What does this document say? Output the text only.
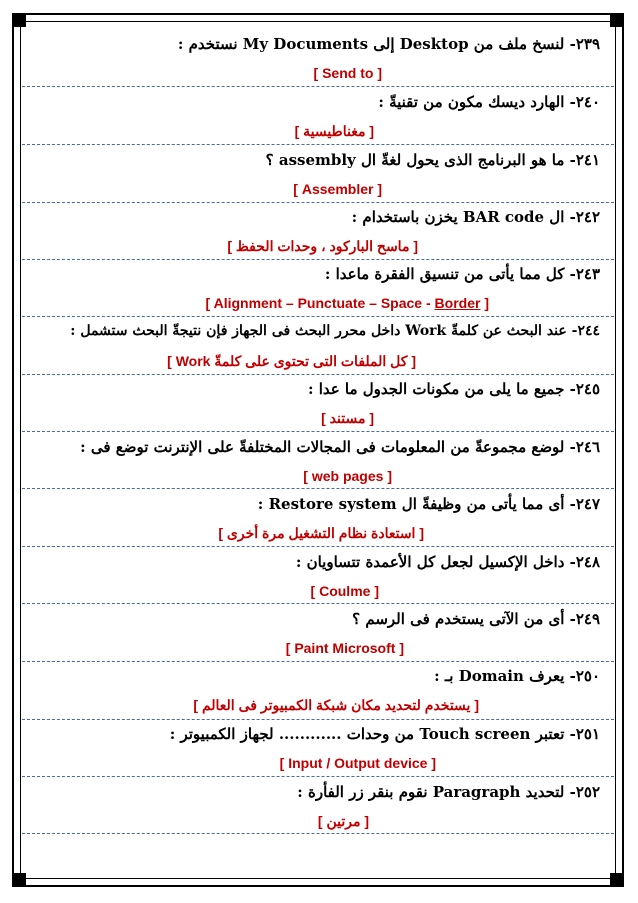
٢٣٩- لنسخ ملف من Desktop إلى My Documents نستخدم :
[ Send to ]
٢٤٠- الهارد ديسك مكون من تقنيةّ :
[ مغناطيسية ]
٢٤١- ما هو البرنامج الذى يحول لغةّ ال assembly ؟
[ Assembler ]
٢٤٢- ال BAR code يخزن باستخدام :
[ ماسح الباركود ، وحدات الحفظ ]
٢٤٣- كل مما يأتى من تنسيق الفقرة ماعدا :
[ Alignment – Punctuate – Space - Border ]
٢٤٤- عند البحث عن كلمةّ Work داخل محرر البحث فى الجهاز فإن نتيجةّ البحث ستشمل :
[ كل الملفات التى تحتوى على كلمةّ Work ]
٢٤٥- جميع ما يلى من مكونات الجدول ما عدا :
[ مستند ]
٢٤٦- لوضع مجموعةّ من المعلومات فى المجالات المختلفةّ على الإنترنت توضع فى :
[ web pages ]
٢٤٧- أى مما يأتى من وظيفةّ ال Restore system :
[ استعادة نظام التشغيل مرة أخرى ]
٢٤٨- داخل الإكسيل لجعل كل الأعمدة تتساويان :
[ Coulme ]
٢٤٩- أى من الآتى يستخدم فى الرسم ؟
[ Paint Microsoft ]
٢٥٠- يعرف Domain بـ :
[ يستخدم لتحديد مكان شبكة الكمبيوتر فى العالم ]
٢٥١- تعتبر Touch screen من وحدات ............ لجهاز الكمبيوتر :
[ Input / Output device ]
٢٥٢- لتحديد Paragraph نقوم بنقر زر الفأرة :
[ مرتين ]
